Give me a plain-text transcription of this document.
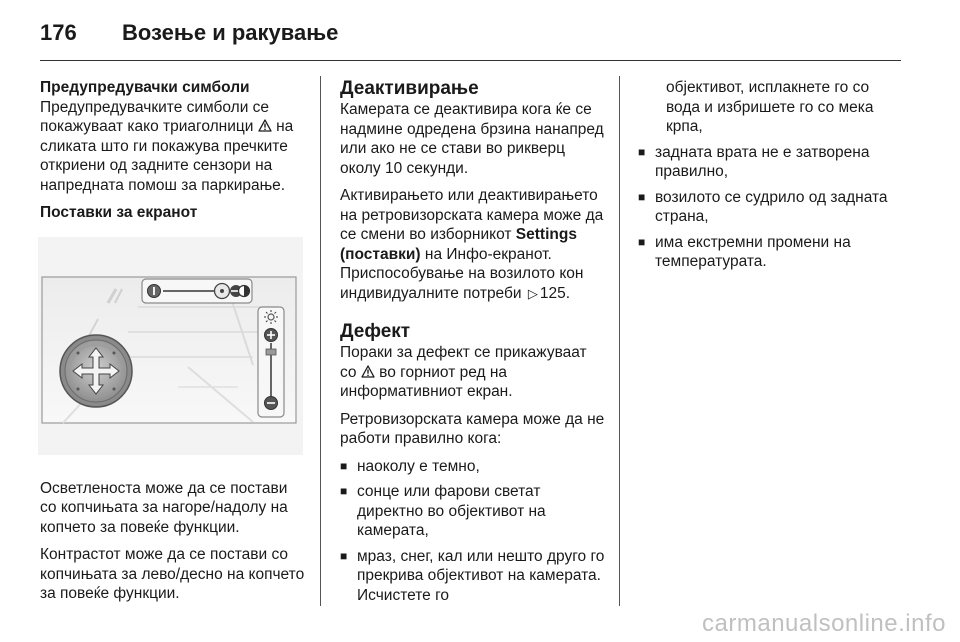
176 Возење и ракување

Предупредувачки симболи

Предупредувачките симболи се покажуваат како триаголници на сликата што ги покажува пречките откриени од задните сензори на напредната помош за паркирање.

Поставки за екранот

Осветленоста може да се постави со копчињата за нагоре/надолу на копчето за повеќе функции.

Контрастот може да се постави со копчињата за лево/десно на копчето за повеќе функции.

Деактивирање

Камерата се деактивира кога ќе се надмине одредена брзина нанапред или ако не се стави во рикверц околу 10 секунди.

Активирањето или деактивирањето на ретровизорската камера може да се смени во изборникот Settings (поставки) на Инфо-екранот. Приспособување на возилото кон индивидуалните потреби ▷ 125.

Дефект

Пораки за дефект се прикажуваат со во горниот ред на информативниот екран.

Ретровизорската камера може да не работи правилно кога:

■ наоколу е темно,
■ сонце или фарови светат директно во објективот на камерата,
■ мраз, снег, кал или нешто друго го прекрива објективот на камерата. Исчистете го

објективот, исплакнете го со вода и избришете го со мека крпа,

■ задната врата не е затворена правилно,
■ возилото се судрило од задната страна,
■ има екстремни промени на температурата.
carmanualsonline.info
